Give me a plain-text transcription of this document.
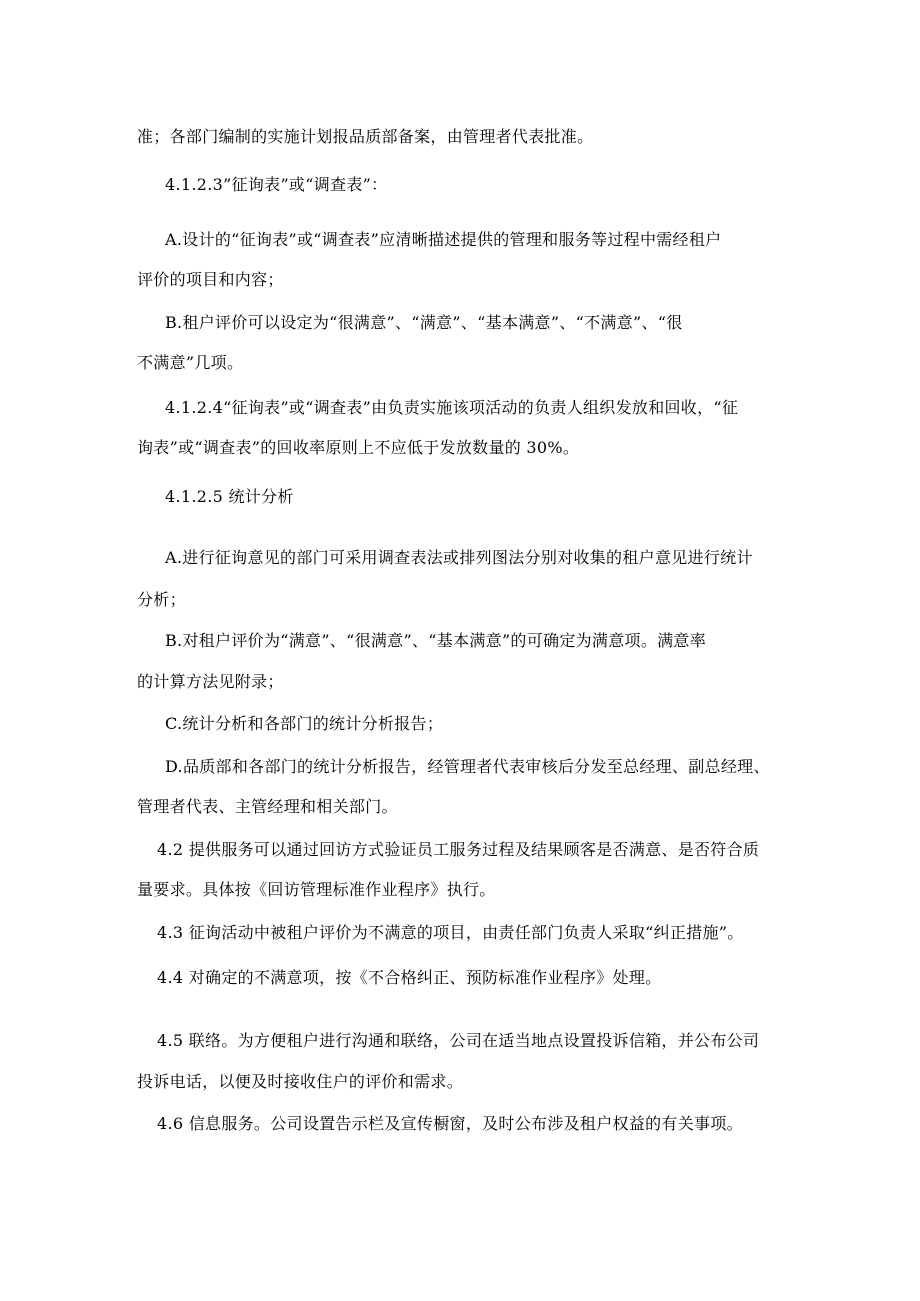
准；各部门编制的实施计划报品质部备案，由管理者代表批准。
4.1.2.3”征询表”或“调查表”：
A.设计的“征询表”或“调查表”应清晰描述提供的管理和服务等过程中需经租户
评价的项目和内容；
B.租户评价可以设定为“很满意”、“满意”、“基本满意”、“不满意”、“很
不满意”几项。
4.1.2.4“征询表”或“调查表”由负责实施该项活动的负责人组织发放和回收，“征
询表”或“调查表”的回收率原则上不应低于发放数量的 30%。
4.1.2.5 统计分析
A.进行征询意见的部门可采用调查表法或排列图法分别对收集的租户意见进行统计
分析；
B.对租户评价为“满意”、“很满意”、“基本满意”的可确定为满意项。满意率
的计算方法见附录；
C.统计分析和各部门的统计分析报告；
D.品质部和各部门的统计分析报告，经管理者代表审核后分发至总经理、副总经理、
管理者代表、主管经理和相关部门。
4.2 提供服务可以通过回访方式验证员工服务过程及结果顾客是否满意、是否符合质
量要求。具体按《回访管理标准作业程序》执行。
4.3 征询活动中被租户评价为不满意的项目，由责任部门负责人采取“纠正措施”。
4.4 对确定的不满意项，按《不合格纠正、预防标准作业程序》处理。
4.5 联络。为方便租户进行沟通和联络，公司在适当地点设置投诉信箱，并公布公司
投诉电话，以便及时接收住户的评价和需求。
4.6 信息服务。公司设置告示栏及宣传橱窗，及时公布涉及租户权益的有关事项。
